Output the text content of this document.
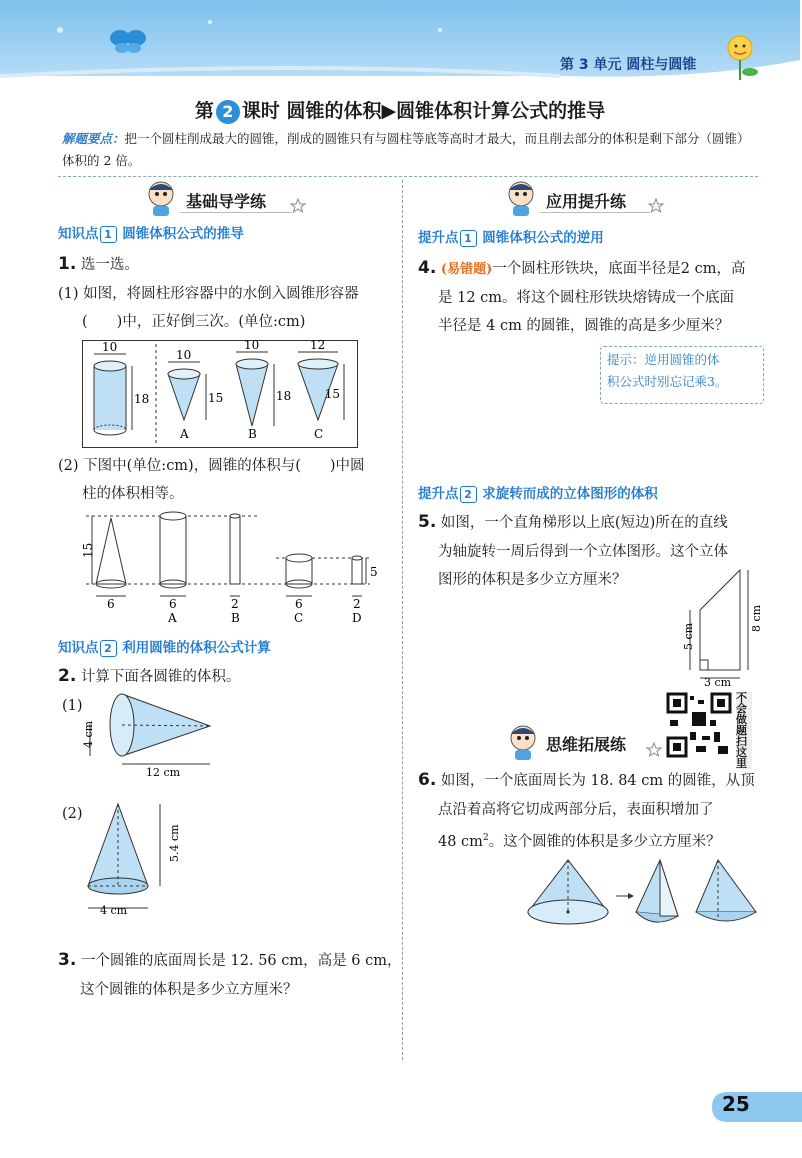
第 3 单元 圆柱与圆锥
第 2 课时 圆锥的体积▶圆锥体积计算公式的推导
解题要点：把一个圆柱削成最大的圆锥，削成的圆锥只有与圆柱等底等高时才最大，而且削去部分的体积是剩下部分（圆锥）体积的 2 倍。
基础导学练
知识点 1 圆锥体积公式的推导
1. 选一选。
(1) 如图，将圆柱形容器中的水倒入圆锥形容器
(　　)中，正好倒三次。(单位:cm)
10
18
10
15
10
18
12
15
A	B	C
(2) 下图中(单位:cm)，圆锥的体积与(　　)中圆
柱的体积相等。
15
5
6	6	2	6	2
A	B	C	D
知识点 2 利用圆锥的体积公式计算
2. 计算下面各圆锥的体积。
(1)
4 cm
12 cm
(2)
5.4 cm
4 cm
3. 一个圆锥的底面周长是 12. 56 cm，高是 6 cm，
这个圆锥的体积是多少立方厘米？
应用提升练
提升点 1 圆锥体积公式的逆用
4. (易错题)一个圆柱形铁块，底面半径是2 cm，高
是 12 cm。将这个圆柱形铁块熔铸成一个底面
半径是 4 cm 的圆锥，圆锥的高是多少厘米？
提示：逆用圆锥的体
积公式时别忘记乘3。
提升点 2 求旋转而成的立体图形的体积
5. 如图，一个直角梯形以上底(短边)所在的直线
为轴旋转一周后得到一个立体图形。这个立体
图形的体积是多少立方厘米？
5 cm
8 cm
3 cm
不会做题扫这里
思维拓展练
6. 如图，一个底面周长为 18. 84 cm 的圆锥，从顶
点沿着高将它切成两部分后，表面积增加了
48 $cm^2$。这个圆锥的体积是多少立方厘米？
25
